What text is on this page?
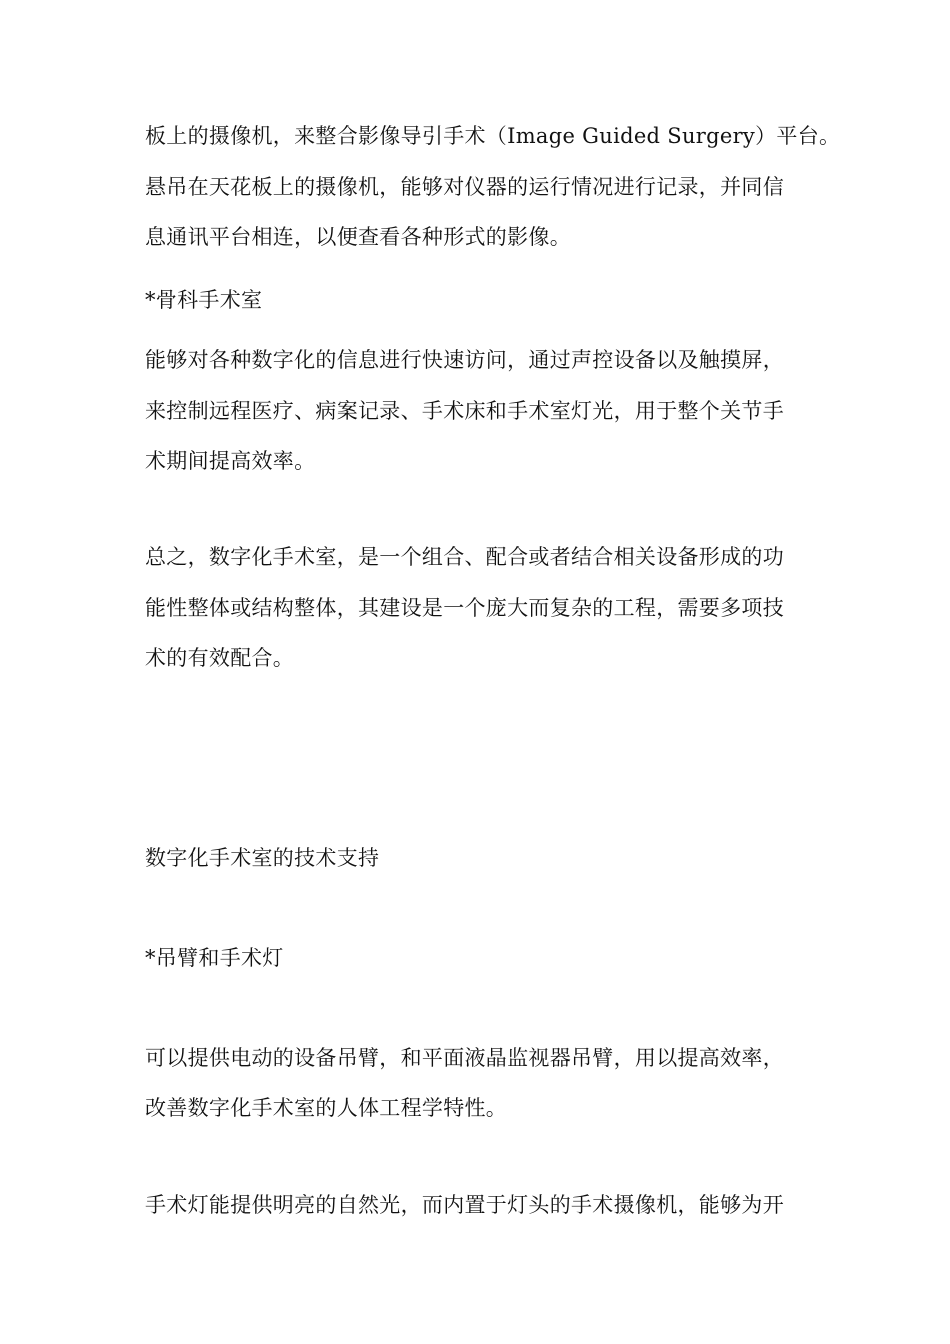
板上的摄像机，来整合影像导引手术（Image Guided Surgery）平台。
悬吊在天花板上的摄像机，能够对仪器的运行情况进行记录，并同信
息通讯平台相连，以便查看各种形式的影像。
*骨科手术室
能够对各种数字化的信息进行快速访问，通过声控设备以及触摸屏，
来控制远程医疗、病案记录、手术床和手术室灯光，用于整个关节手
术期间提高效率。
总之，数字化手术室，是一个组合、配合或者结合相关设备形成的功
能性整体或结构整体，其建设是一个庞大而复杂的工程，需要多项技
术的有效配合。
数字化手术室的技术支持
*吊臂和手术灯
可以提供电动的设备吊臂，和平面液晶监视器吊臂，用以提高效率，
改善数字化手术室的人体工程学特性。
手术灯能提供明亮的自然光，而内置于灯头的手术摄像机，能够为开
